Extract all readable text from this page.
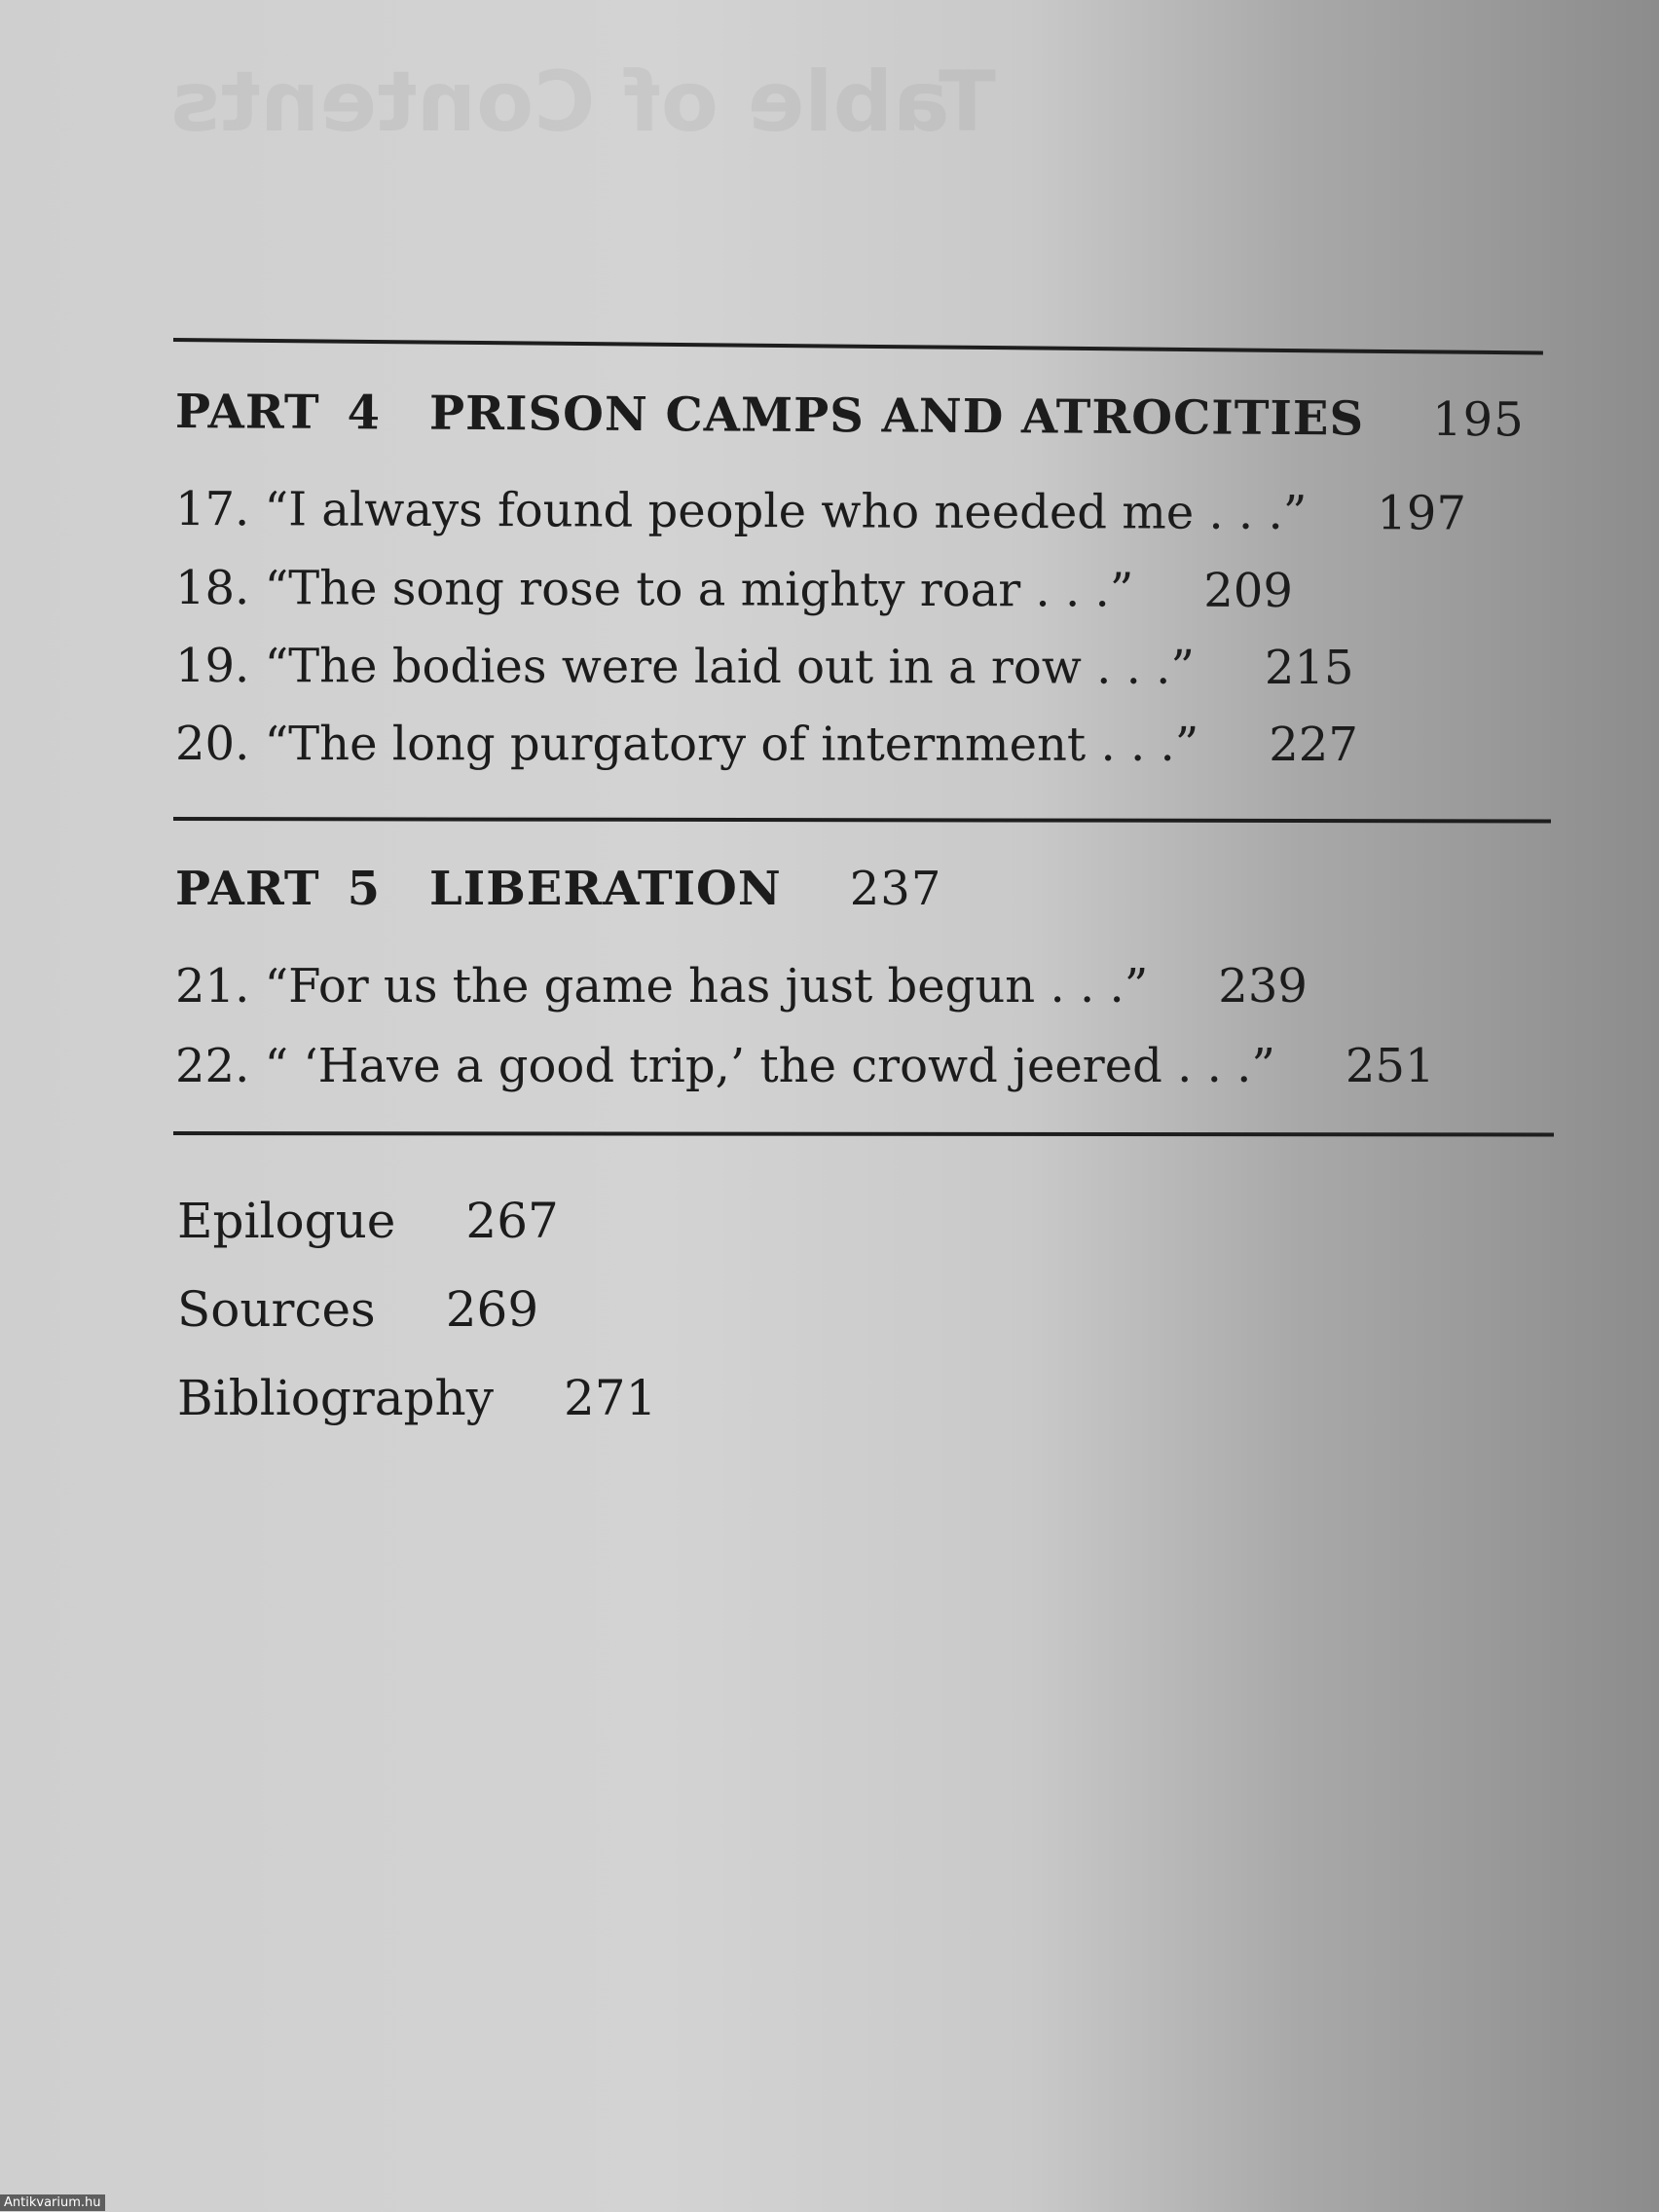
Table of Contents
PART 4 PRISON CAMPS AND ATROCITIES 195
17. “I always found people who needed me . . .” 197
18. “The song rose to a mighty roar . . .” 209
19. “The bodies were laid out in a row . . .” 215
20. “The long purgatory of internment . . .” 227
PART 5 LIBERATION 237
21. “For us the game has just begun . . .” 239
22. “ ‘Have a good trip,’ the crowd jeered . . .” 251
Epilogue 267
Sources 269
Bibliography 271
Antikvarium.hu
